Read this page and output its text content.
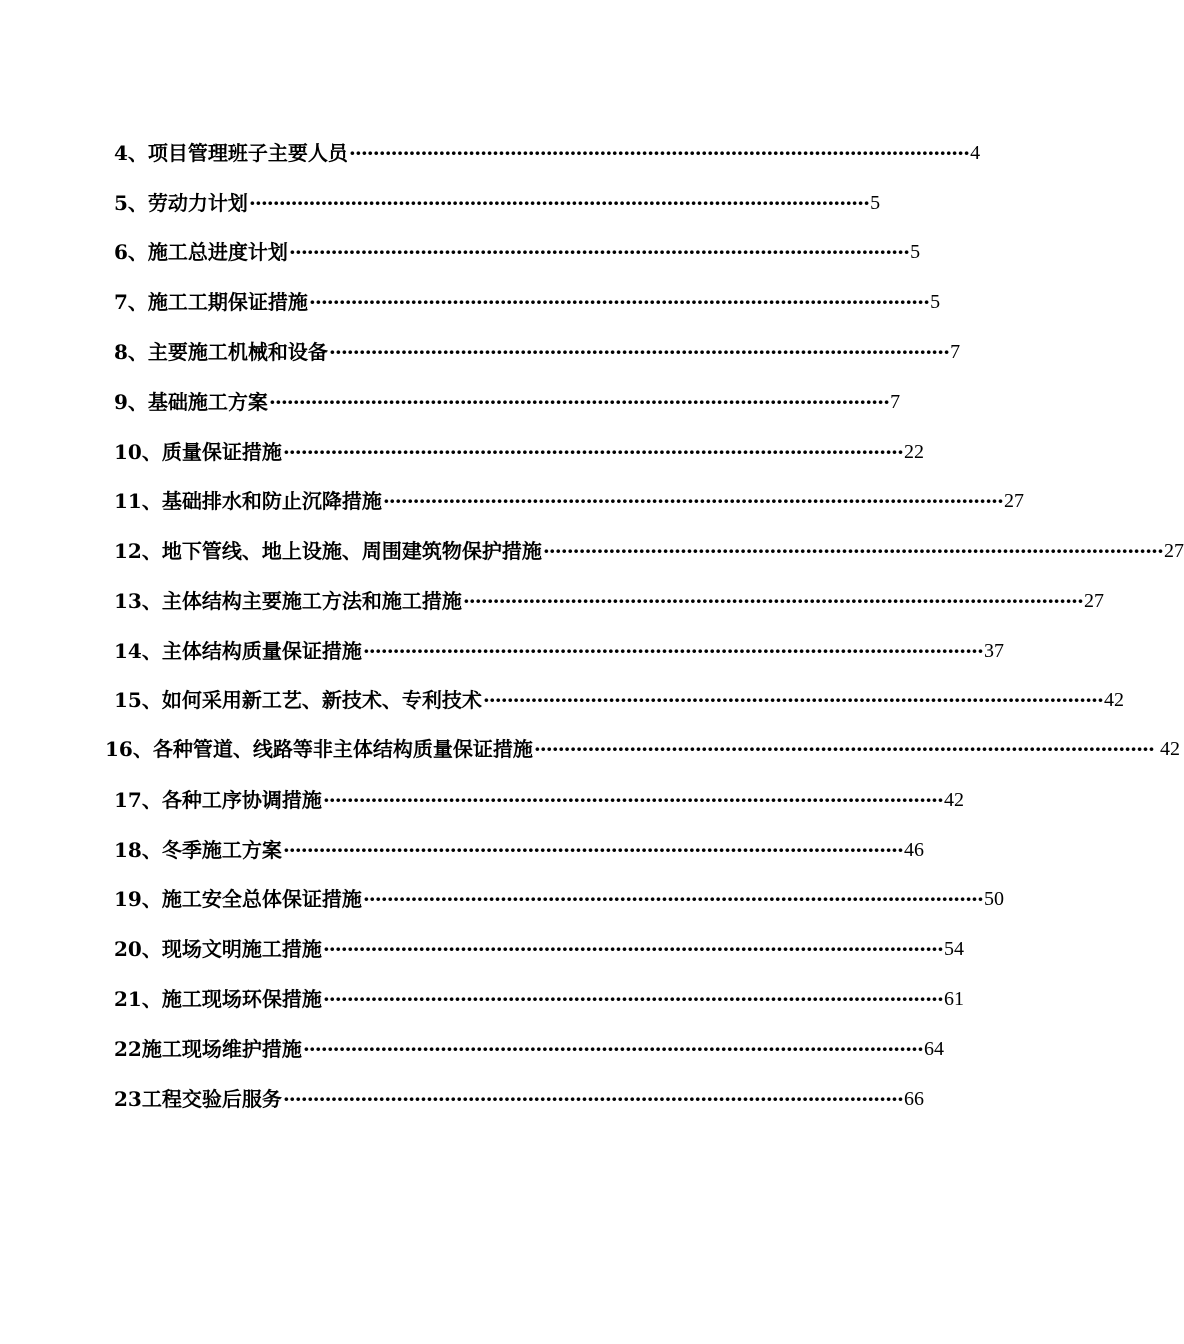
4、项目管理班子主要人员 ········································································································ 4
5、劳动力计划 ········································································································ 5
6、施工总进度计划 ········································································································ 5
7、施工工期保证措施 ········································································································ 5
8、主要施工机械和设备 ········································································································ 7
9、基础施工方案 ········································································································ 7
10、质量保证措施 ········································································································ 22
11、基础排水和防止沉降措施 ········································································································ 27
12、地下管线、地上设施、周围建筑物保护措施 ········································································································ 27
13、主体结构主要施工方法和施工措施 ········································································································ 27
14、主体结构质量保证措施 ········································································································ 37
15、如何采用新工艺、新技术、专利技术 ········································································································ 42
16、各种管道、线路等非主体结构质量保证措施 ········································································································ 42
17、各种工序协调措施 ········································································································ 42
18、冬季施工方案 ········································································································ 46
19、施工安全总体保证措施 ········································································································ 50
20、现场文明施工措施 ········································································································ 54
21、施工现场环保措施 ········································································································ 61
22施工现场维护措施 ········································································································ 64
23工程交验后服务 ········································································································ 66
